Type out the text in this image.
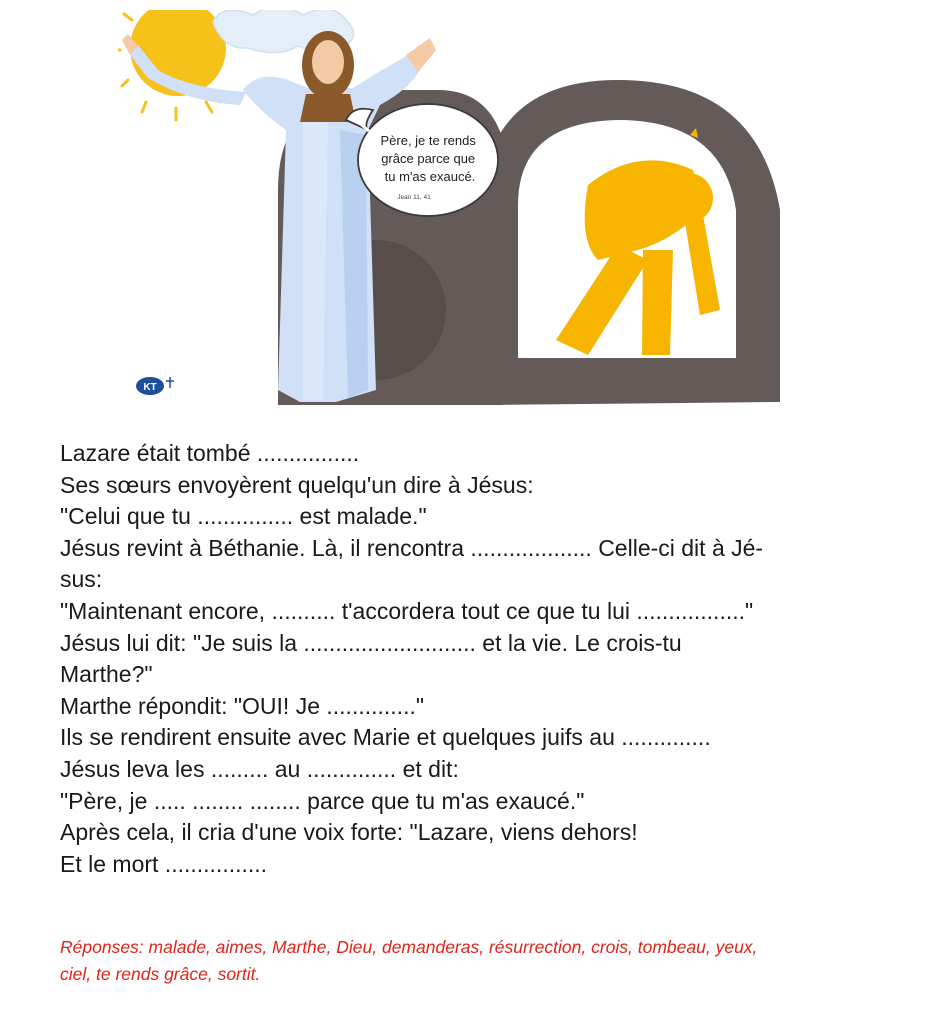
KT
Père, je te rends grâce parce que tu m'as exaucé.
Jean 11, 41
Lazare était tombé ................
Ses sœurs envoyèrent quelqu'un dire à Jésus:
"Celui que tu ............... est malade."
Jésus revint à Béthanie. Là, il rencontra ................... Celle-ci dit à Jé-
sus:
"Maintenant encore, .......... t'accordera tout ce que tu lui ................."
Jésus lui dit: "Je suis la ........................... et la vie. Le crois-tu
Marthe?"
Marthe répondit: "OUI! Je .............."
Ils se rendirent ensuite avec Marie et quelques juifs au ..............
Jésus leva les ......... au .............. et dit:
"Père, je ..... ........ ........ parce que tu m'as exaucé."
Après cela, il cria d'une voix forte: "Lazare, viens dehors!
Et le mort ................
Réponses: malade, aimes, Marthe, Dieu, demanderas, résurrection, crois, tombeau, yeux,
ciel, te rends grâce, sortit.
